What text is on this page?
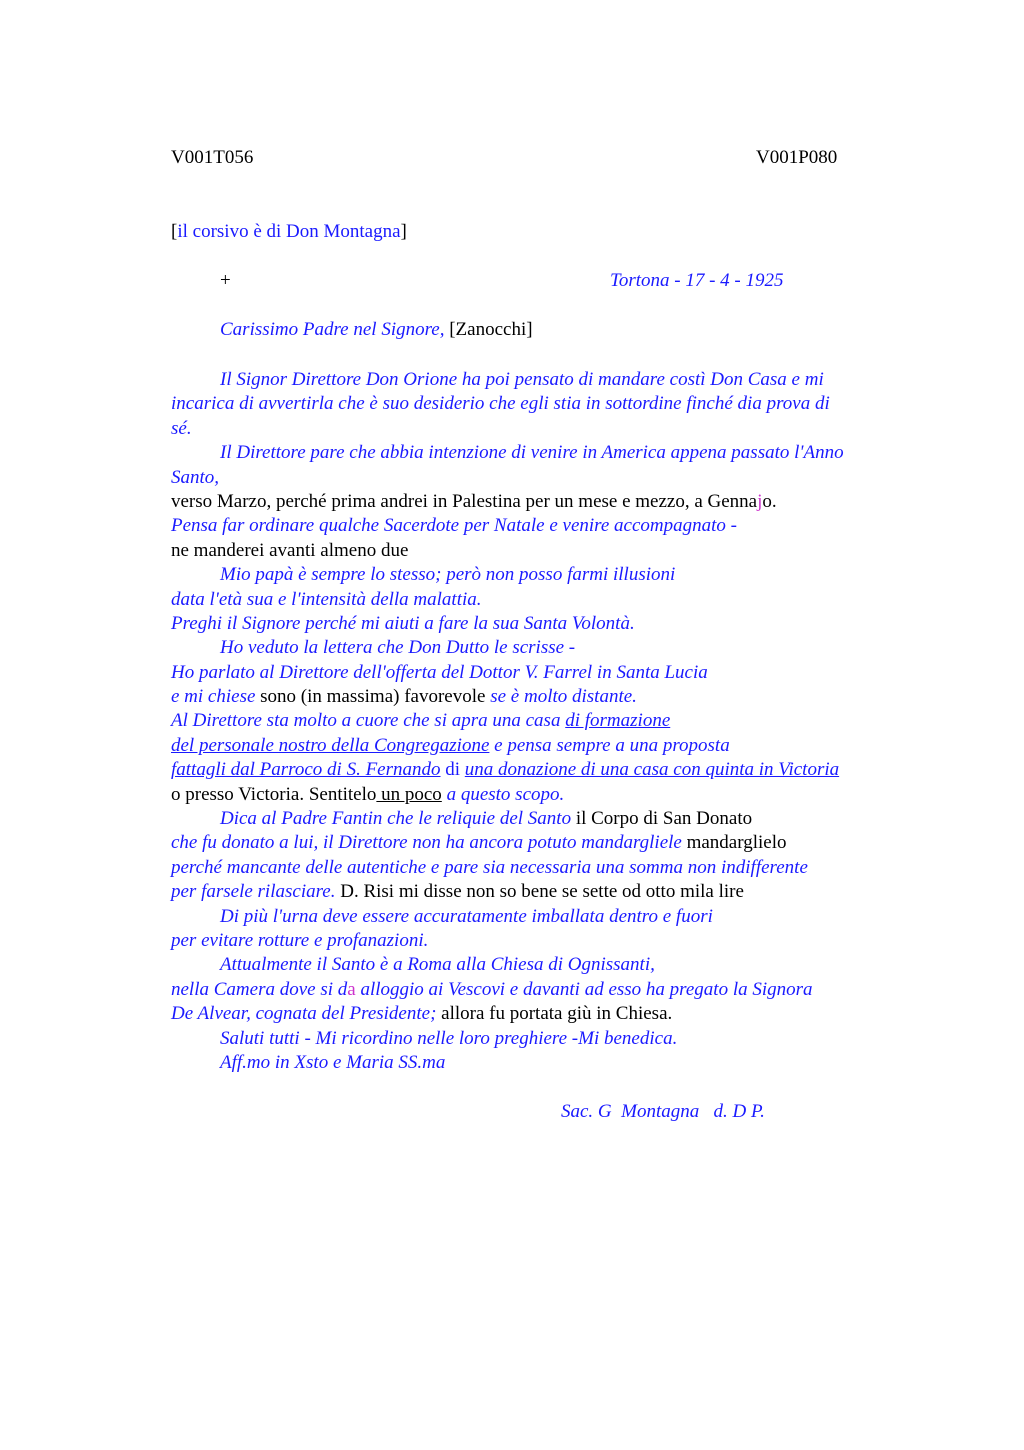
V001T056	V001P080
[il corsivo è di Don Montagna]
+	Tortona - 17 - 4 - 1925
Carissimo Padre nel Signore, [Zanocchi]
Il Signor Direttore Don Orione ha poi pensato di mandare costì Don Casa e mi
incarica di avvertirla che è suo desiderio che egli stia in sottordine finché dia prova di
sé.
Il Direttore pare che abbia intenzione di venire in America appena passato l'Anno
Santo,
verso Marzo, perché prima andrei in Palestina per un mese e mezzo, a Gennajo.
Pensa far ordinare qualche Sacerdote per Natale e venire accompagnato -
ne manderei avanti almeno due
Mio papà è sempre lo stesso; però non posso farmi illusioni
data l'età sua e l'intensità della malattia.
Preghi il Signore perché mi aiuti a fare la sua Santa Volontà.
Ho veduto la lettera che Don Dutto le scrisse -
Ho parlato al Direttore dell'offerta del Dottor V. Farrel in Santa Lucia
e mi chiese sono (in massima) favorevole se è molto distante.
Al Direttore sta molto a cuore che si apra una casa di formazione
del personale nostro della Congregazione e pensa sempre a una proposta
fattagli dal Parroco di S. Fernando di una donazione di una casa con quinta in Victoria
o presso Victoria. Sentitelo un poco a questo scopo.
Dica al Padre Fantin che le reliquie del Santo il Corpo di San Donato
che fu donato a lui, il Direttore non ha ancora potuto mandargliele mandarglielo
perché mancante delle autentiche e pare sia necessaria una somma non indifferente
per farsele rilasciare. D. Risi mi disse non so bene se sette od otto mila lire
Di più l'urna deve essere accuratamente imballata dentro e fuori
per evitare rotture e profanazioni.
Attualmente il Santo è a Roma alla Chiesa di Ognissanti,
nella Camera dove si da alloggio ai Vescovi e davanti ad esso ha pregato la Signora
De Alvear, cognata del Presidente; allora fu portata giù in Chiesa.
Saluti tutti - Mi ricordino nelle loro preghiere -Mi benedica.
Aff.mo in Xsto e Maria SS.ma
Sac. G  Montagna   d. D P.
